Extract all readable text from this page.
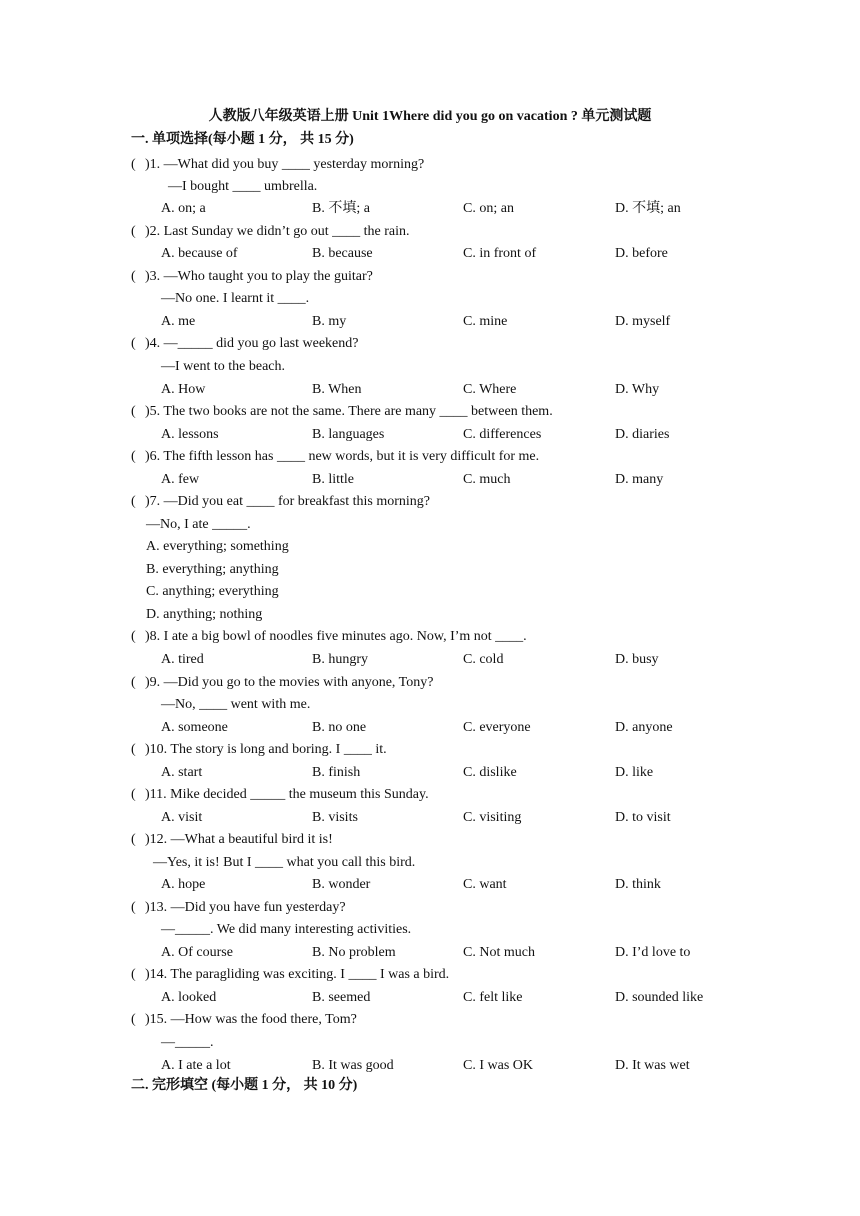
人教版八年级英语上册 Unit 1Where did you go on vacation ? 单元测试题
一. 单项选择(每小题 1 分， 共 15 分)
( )1. —What did you buy ____ yesterday morning?
—I bought ____ umbrella.
A. on; a	B. 不填; a	C. on; an	D. 不填; an
( )2. Last Sunday we didn’t go out ____ the rain.
A. because of	B. because	C. in front of	D. before
( )3. —Who taught you to play the guitar?
—No one. I learnt it ____.
A. me	B. my	C. mine	D. myself
( )4. —_____ did you go last weekend?
—I went to the beach.
A. How	B. When	C. Where	D. Why
( )5. The two books are not the same. There are many ____ between them.
A. lessons	B. languages	C. differences	D. diaries
( )6. The fifth lesson has ____ new words, but it is very difficult for me.
A. few	B. little	C. much	D. many
( )7. —Did you eat ____ for breakfast this morning?
—No, I ate _____.
A. everything; something
B. everything; anything
C. anything; everything
D. anything; nothing
( )8. I ate a big bowl of noodles five minutes ago. Now, I’m not ____.
A. tired	B. hungry	C. cold	D. busy
( )9. —Did you go to the movies with anyone, Tony?
—No, ____ went with me.
A. someone	B. no one	C. everyone	D. anyone
( )10. The story is long and boring. I ____ it.
A. start	B. finish	C. dislike	D. like
( )11. Mike decided _____ the museum this Sunday.
A. visit	B. visits	C. visiting	D. to visit
( )12. —What a beautiful bird it is!
—Yes, it is! But I ____ what you call this bird.
A. hope	B. wonder	C. want	D. think
( )13. —Did you have fun yesterday?
—_____. We did many interesting activities.
A. Of course	B. No problem	C. Not much	D. I’d love to
( )14. The paragliding was exciting. I ____ I was a bird.
A. looked	B. seemed	C. felt like	D. sounded like
( )15. —How was the food there, Tom?
—_____.
A. I ate a lot	B. It was good	C. I was OK	D. It was wet
二. 完形填空 (每小题 1 分， 共 10 分)
